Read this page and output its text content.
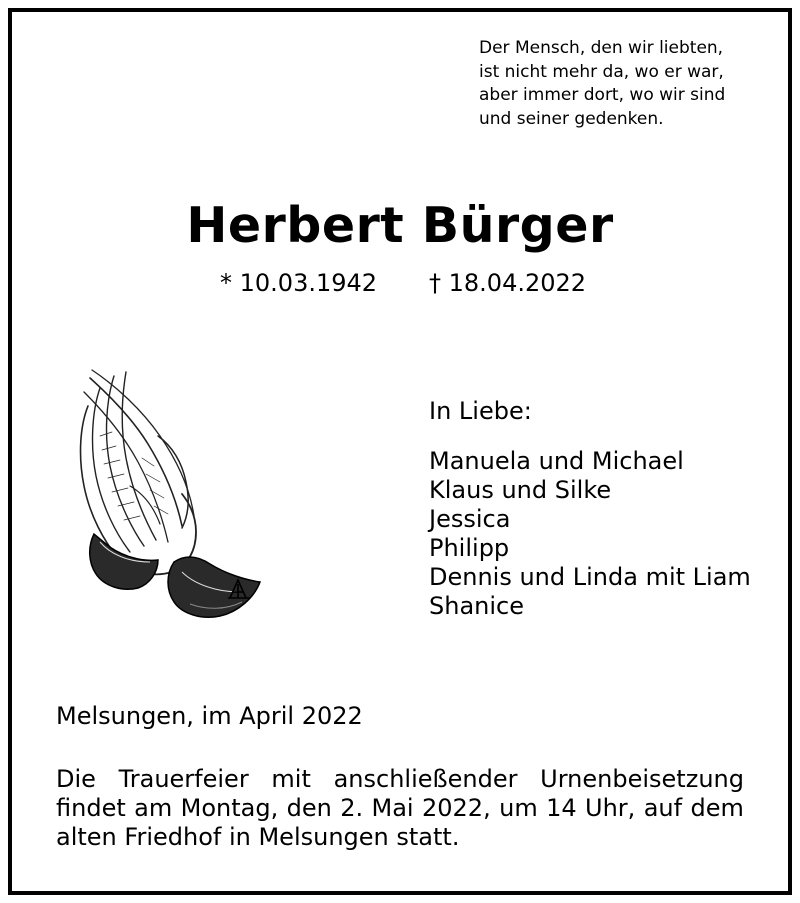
Der Mensch, den wir liebten,
ist nicht mehr da, wo er war,
aber immer dort, wo wir sind
und seiner gedenken.
Herbert Bürger
* 10.03.1942 † 18.04.2022
In Liebe:
Manuela und Michael
Klaus und Silke
Jessica
Philipp
Dennis und Linda mit Liam
Shanice
Melsungen, im April 2022
Die Trauerfeier mit anschließender Urnenbeisetzung
findet am Montag, den 2. Mai 2022, um 14 Uhr, auf dem
alten Friedhof in Melsungen statt.
